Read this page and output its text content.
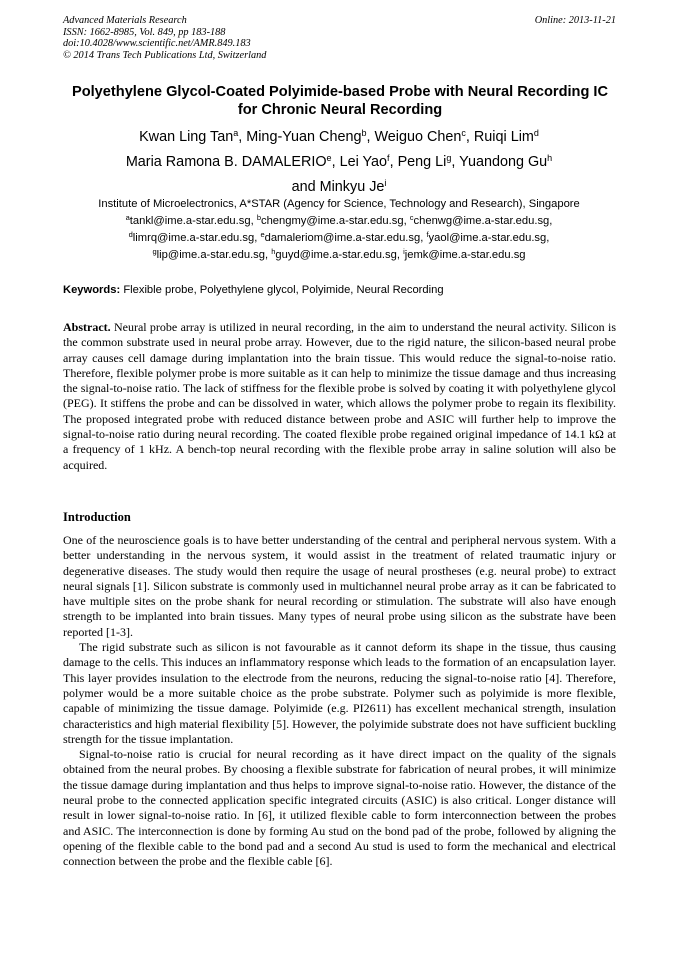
Advanced Materials Research
ISSN: 1662-8985, Vol. 849, pp 183-188
doi:10.4028/www.scientific.net/AMR.849.183
© 2014 Trans Tech Publications Ltd, Switzerland
Online: 2013-11-21
Polyethylene Glycol-Coated Polyimide-based Probe with Neural Recording IC for Chronic Neural Recording
Kwan Ling Tan$^a$, Ming-Yuan Cheng$^b$, Weiguo Chen$^c$, Ruiqi Lim$^d$
Maria Ramona B. DAMALERIO$^e$, Lei Yao$^f$, Peng Li$^g$, Yuandong Gu$^h$
and Minkyu Je$^i$
Institute of Microelectronics, A*STAR (Agency for Science, Technology and Research), Singapore
$^a$tankl@ime.a-star.edu.sg, $^b$chengmy@ime.a-star.edu.sg, $^c$chenwg@ime.a-star.edu.sg,
$^d$limrq@ime.a-star.edu.sg, $^e$damaleriom@ime.a-star.edu.sg, $^f$yaol@ime.a-star.edu.sg,
$^g$lip@ime.a-star.edu.sg, $^h$guyd@ime.a-star.edu.sg, $^i$jemk@ime.a-star.edu.sg
Keywords: Flexible probe, Polyethylene glycol, Polyimide, Neural Recording
Abstract. Neural probe array is utilized in neural recording, in the aim to understand the neural activity. Silicon is the common substrate used in neural probe array. However, due to the rigid nature, the silicon-based neural probe array causes cell damage during implantation into the brain tissue. This would reduce the signal-to-noise ratio. Therefore, flexible polymer probe is more suitable as it can help to minimize the tissue damage and thus increasing the signal-to-noise ratio. The lack of stiffness for the flexible probe is solved by coating it with polyethylene glycol (PEG). It stiffens the probe and can be dissolved in water, which allows the polymer probe to regain its flexibility. The proposed integrated probe with reduced distance between probe and ASIC will further help to improve the signal-to-noise ratio during neural recording. The coated flexible probe regained original impedance of 14.1 kΩ at a frequency of 1 kHz. A bench-top neural recording with the flexible probe array in saline solution will also be acquired.
Introduction

One of the neuroscience goals is to have better understanding of the central and peripheral nervous system. With a better understanding in the nervous system, it would assist in the treatment of related traumatic injury or degenerative diseases. The study would then require the usage of neural prostheses (e.g. neural probe) to extract neural signals [1]. Silicon substrate is commonly used in multichannel neural probe array as it can be fabricated to have multiple sites on the probe shank for neural recording or stimulation. The substrate will also have enough strength to be implanted into brain tissues. Many types of neural probe using silicon as the substrate have been reported [1-3].

The rigid substrate such as silicon is not favourable as it cannot deform its shape in the tissue, thus causing damage to the cells. This induces an inflammatory response which leads to the formation of an encapsulation layer. This layer provides insulation to the electrode from the neurons, reducing the signal-to-noise ratio [4]. Therefore, polymer would be a more suitable choice as the probe substrate. Polymer such as polyimide is more flexible, capable of minimizing the tissue damage. Polyimide (e.g. PI2611) has excellent mechanical strength, insulation characteristics and high material flexibility [5]. However, the polyimide substrate does not have sufficient buckling strength for the tissue implantation.

Signal-to-noise ratio is crucial for neural recording as it have direct impact on the quality of the signals obtained from the neural probes. By choosing a flexible substrate for fabrication of neural probes, it will minimize the tissue damage during implantation and thus helps to improve signal-to-noise ratio. However, the distance of the neural probe to the connected application specific integrated circuits (ASIC) is also critical. Longer distance will result in lower signal-to-noise ratio. In [6], it utilized flexible cable to form interconnection between the probes and ASIC. The interconnection is done by forming Au stud on the bond pad of the probe, followed by aligning the opening of the flexible cable to the bond pad and a second Au stud is used to form the mechanical and electrical connection between the probe and the flexible cable [6].
